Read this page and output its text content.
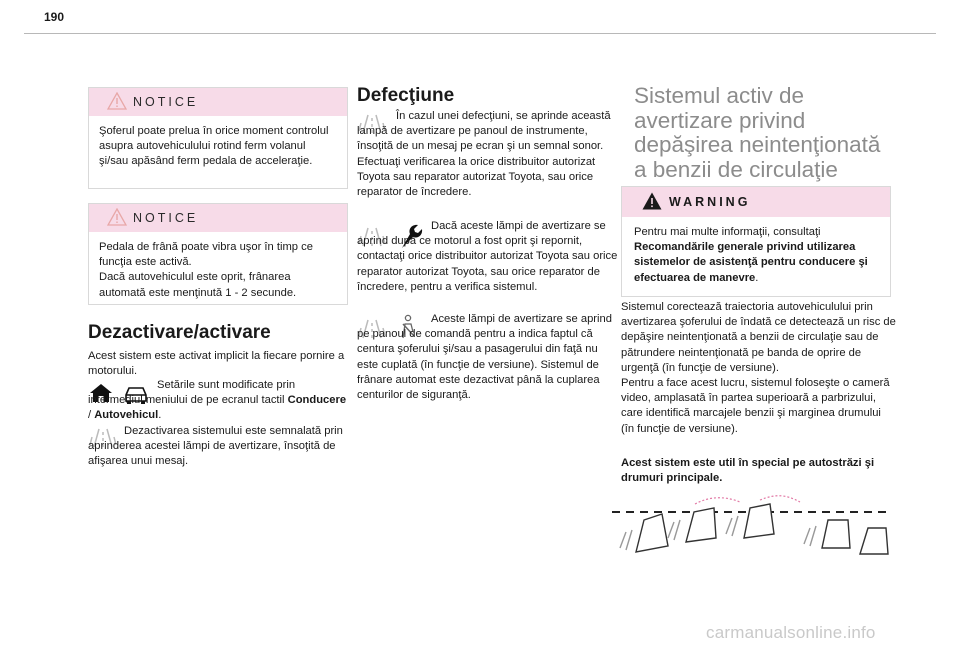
190
NOTICE
Şoferul poate prelua în orice moment controlul asupra autovehiculului rotind ferm volanul şi/sau apăsând ferm pedala de acceleraţie.
NOTICE
Pedala de frână poate vibra uşor în timp ce funcţia este activă.
Dacă autovehiculul este oprit, frânarea automată este menţinută 1 - 2 secunde.
Dezactivare/activare
Acest sistem este activat implicit la fiecare pornire a motorului.
Setările sunt modificate prin intermediul meniului de pe ecranul tactil Conducere / Autovehicul.
Dezactivarea sistemului este semnalată prin aprinderea acestei lămpi de avertizare, însoţită de afişarea unui mesaj.
Defecţiune
În cazul unei defecţiuni, se aprinde această lampă de avertizare pe panoul de instrumente, însoţită de un mesaj pe ecran şi un semnal sonor.
Efectuaţi verificarea la orice distribuitor autorizat Toyota sau reparator autorizat Toyota, sau orice reparator de încredere.
Dacă aceste lămpi de avertizare se aprind după ce motorul a fost oprit şi repornit, contactaţi orice distribuitor autorizat Toyota sau orice reparator autorizat Toyota, sau orice reparator de încredere, pentru a verifica sistemul.
Aceste lămpi de avertizare se aprind pe panoul de comandă pentru a indica faptul că centura şoferului şi/sau a pasagerului din faţă nu este cuplată (în funcţie de versiune). Sistemul de frânare automat este dezactivat până la cuplarea centurilor de siguranţă.
Sistemul activ de avertizare privind depăşirea neintenţionată a benzii de circulaţie
WARNING
Pentru mai multe informaţii, consultaţi Recomandările generale privind utilizarea sistemelor de asistenţă pentru conducere şi efectuarea de manevre.
Sistemul corectează traiectoria autovehiculului prin avertizarea şoferului de îndată ce detectează un risc de depăşire neintenţionată a benzii de circulaţie sau de pătrundere neintenţionată pe banda de oprire de urgenţă (în funcţie de versiune).
Pentru a face acest lucru, sistemul foloseşte o cameră video, amplasată în partea superioară a parbrizului, care identifică marcajele benzii şi marginea drumului (în funcţie de versiune).
Acest sistem este util în special pe autostrăzi şi drumuri principale.
carmanualsonline.info
